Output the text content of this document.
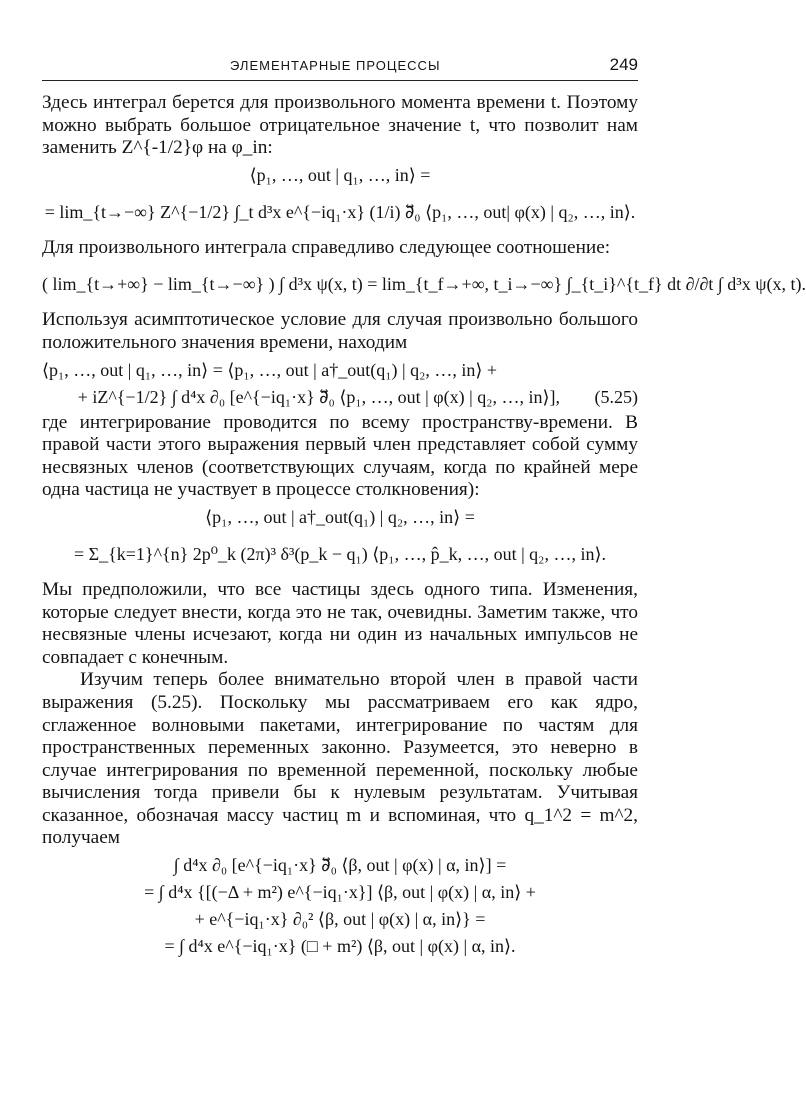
ЭЛЕМЕНТАРНЫЕ ПРОЦЕССЫ	249

Здесь интеграл берется для произвольного момента времени t. Поэтому можно выбрать большое отрицательное значение t, что позволит нам заменить Z^{-1/2}φ на φ_in:

⟨p₁, …, out | q₁, …, in⟩ =
= lim_{t→−∞} Z^{−1/2} ∫_t d³x e^{−iq₁·x} (1/i) ∂⃡₀ ⟨p₁, …, out| φ(x) | q₂, …, in⟩.

Для произвольного интеграла справедливо следующее соотношение:

( lim_{t→+∞} − lim_{t→−∞} ) ∫ d³x ψ(x, t) = lim_{t_f→+∞, t_i→−∞} ∫_{t_i}^{t_f} dt ∂/∂t ∫ d³x ψ(x, t).

Используя асимптотическое условие для случая произвольно большого положительного значения времени, находим

⟨p₁, …, out | q₁, …, in⟩ = ⟨p₁, …, out | a†_out(q₁) | q₂, …, in⟩ +
+ iZ^{−1/2} ∫ d⁴x ∂₀ [e^{−iq₁·x} ∂⃡₀ ⟨p₁, …, out | φ(x) | q₂, …, in⟩], (5.25)

где интегрирование проводится по всему пространству-времени. В правой части этого выражения первый член представляет собой сумму несвязных членов (соответствующих случаям, когда по крайней мере одна частица не участвует в процессе столкновения):

⟨p₁, …, out | a†_out(q₁) | q₂, …, in⟩ =
= Σ_{k=1}^{n} 2p⁰_k (2π)³ δ³(p_k − q₁) ⟨p₁, …, p̂_k, …, out | q₂, …, in⟩.

Мы предположили, что все частицы здесь одного типа. Изменения, которые следует внести, когда это не так, очевидны. Заметим также, что несвязные члены исчезают, когда ни один из начальных импульсов не совпадает с конечным.

Изучим теперь более внимательно второй член в правой части выражения (5.25). Поскольку мы рассматриваем его как ядро, сглаженное волновыми пакетами, интегрирование по частям для пространственных переменных законно. Разумеется, это неверно в случае интегрирования по временной переменной, поскольку любые вычисления тогда привели бы к нулевым результатам. Учитывая сказанное, обозначая массу частиц m и вспоминая, что q_1^2 = m^2, получаем

∫ d⁴x ∂₀ [e^{−iq₁·x} ∂⃡₀ ⟨β, out | φ(x) | α, in⟩] =
= ∫ d⁴x {[(−Δ + m²) e^{−iq₁·x}] ⟨β, out | φ(x) | α, in⟩ +
+ e^{−iq₁·x} ∂₀² ⟨β, out | φ(x) | α, in⟩} =
= ∫ d⁴x e^{−iq₁·x} (□ + m²) ⟨β, out | φ(x) | α, in⟩.
